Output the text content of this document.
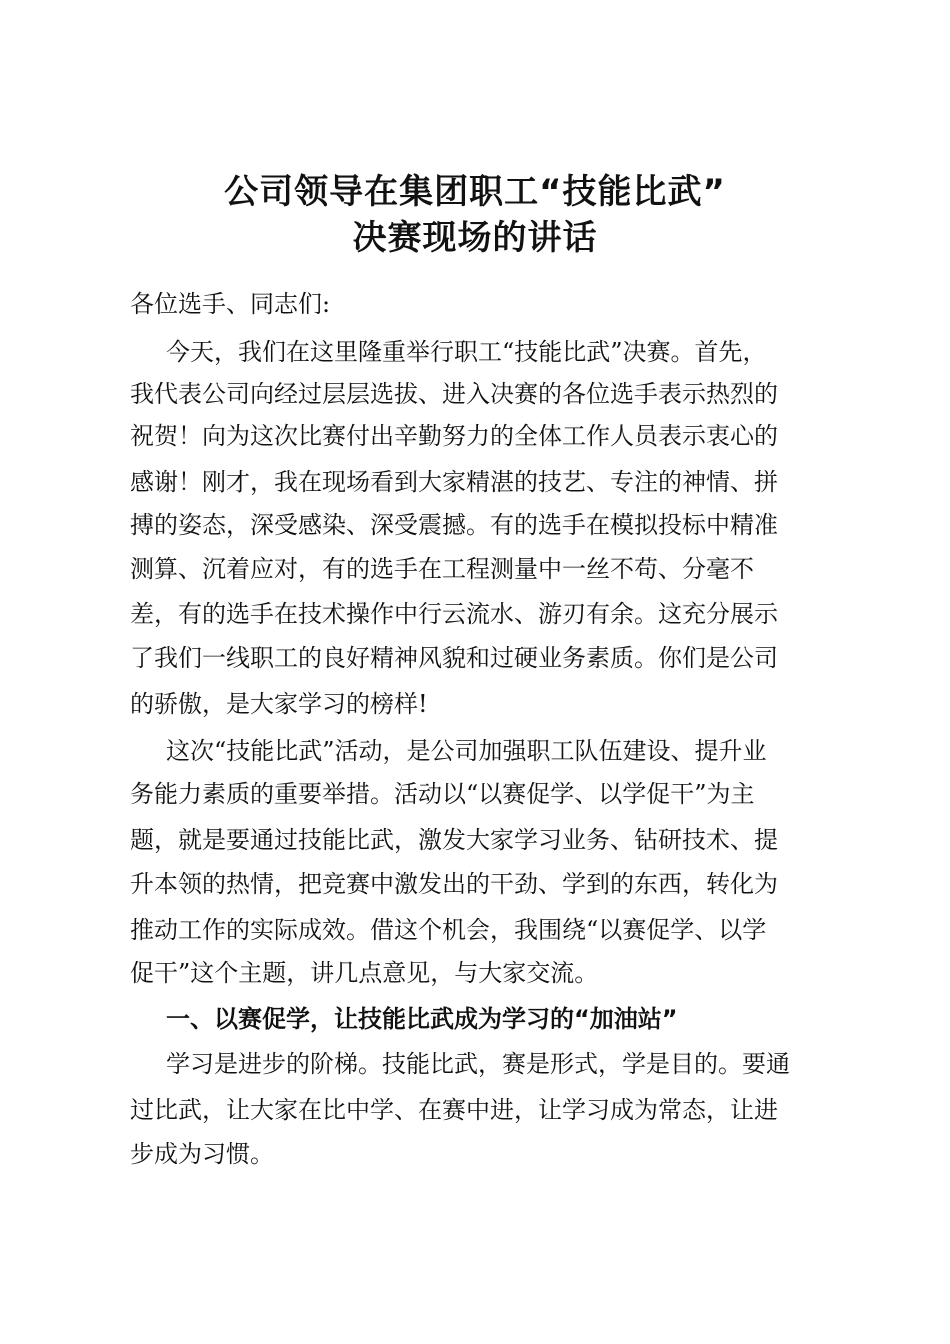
公司领导在集团职工“技能比武”
决赛现场的讲话
各位选手、同志们:
今天，我们在这里隆重举行职工“技能比武”决赛。首先，
我代表公司向经过层层选拔、进入决赛的各位选手表示热烈的
祝贺！向为这次比赛付出辛勤努力的全体工作人员表示衷心的
感谢！刚才，我在现场看到大家精湛的技艺、专注的神情、拼
搏的姿态，深受感染、深受震撼。有的选手在模拟投标中精准
测算、沉着应对，有的选手在工程测量中一丝不苟、分毫不
差，有的选手在技术操作中行云流水、游刃有余。这充分展示
了我们一线职工的良好精神风貌和过硬业务素质。你们是公司
的骄傲，是大家学习的榜样!
这次“技能比武”活动，是公司加强职工队伍建设、提升业
务能力素质的重要举措。活动以“以赛促学、以学促干”为主
题，就是要通过技能比武，激发大家学习业务、钻研技术、提
升本领的热情，把竞赛中激发出的干劲、学到的东西，转化为
推动工作的实际成效。借这个机会，我围绕“以赛促学、以学
促干”这个主题，讲几点意见，与大家交流。
一、以赛促学，让技能比武成为学习的“加油站”
学习是进步的阶梯。技能比武，赛是形式，学是目的。要通
过比武，让大家在比中学、在赛中进，让学习成为常态，让进
步成为习惯。
